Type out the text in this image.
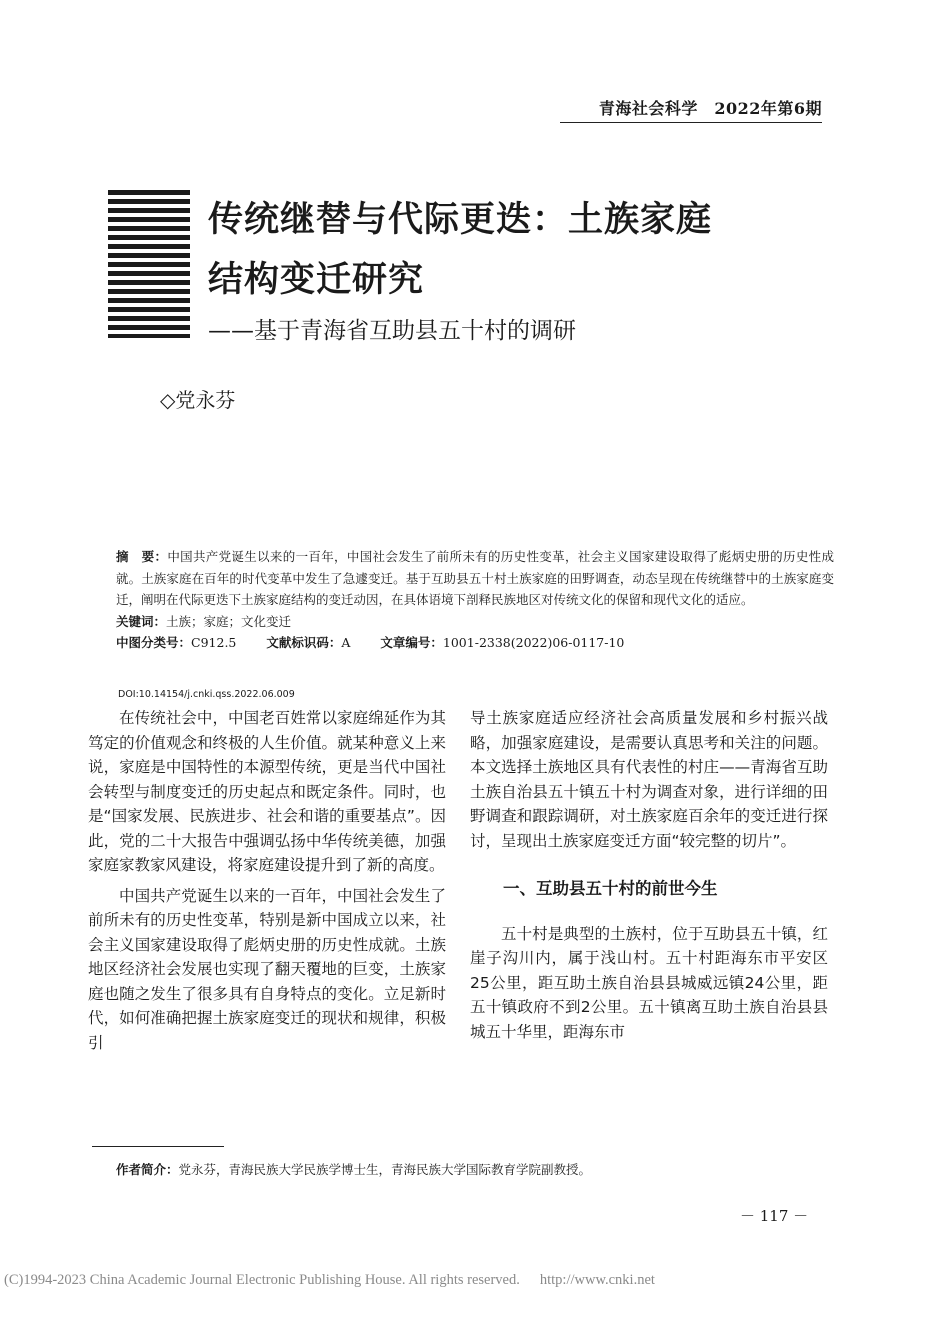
青海社会科学　2022年第6期
传统继替与代际更迭：土族家庭
结构变迁研究
——基于青海省互助县五十村的调研
◇党永芬
摘　要：中国共产党诞生以来的一百年，中国社会发生了前所未有的历史性变革，社会主义国家建设取得了彪炳史册的历史性成就。土族家庭在百年的时代变革中发生了急遽变迁。基于互助县五十村土族家庭的田野调查，动态呈现在传统继替中的土族家庭变迁，阐明在代际更迭下土族家庭结构的变迁动因，在具体语境下剖释民族地区对传统文化的保留和现代文化的适应。
关键词：土族；家庭；文化变迁
中图分类号：C912.5 文献标识码：A 文章编号：1001-2338(2022)06-0117-10
DOI:10.14154/j.cnki.qss.2022.06.009

在传统社会中，中国老百姓常以家庭绵延作为其笃定的价值观念和终极的人生价值。就某种意义上来说，家庭是中国特性的本源型传统，更是当代中国社会转型与制度变迁的历史起点和既定条件。同时，也是“国家发展、民族进步、社会和谐的重要基点”。因此，党的二十大报告中强调弘扬中华传统美德，加强家庭家教家风建设，将家庭建设提升到了新的高度。

中国共产党诞生以来的一百年，中国社会发生了前所未有的历史性变革，特别是新中国成立以来，社会主义国家建设取得了彪炳史册的历史性成就。土族地区经济社会发展也实现了翻天覆地的巨变，土族家庭也随之发生了很多具有自身特点的变化。立足新时代，如何准确把握土族家庭变迁的现状和规律，积极引

导土族家庭适应经济社会高质量发展和乡村振兴战略，加强家庭建设，是需要认真思考和关注的问题。本文选择土族地区具有代表性的村庄——青海省互助土族自治县五十镇五十村为调查对象，进行详细的田野调查和跟踪调研，对土族家庭百余年的变迁进行探讨，呈现出土族家庭变迁方面“较完整的切片”。

一、互助县五十村的前世今生

五十村是典型的土族村，位于互助县五十镇，红崖子沟川内，属于浅山村。五十村距海东市平安区25公里，距互助土族自治县县城威远镇24公里，距五十镇政府不到2公里。五十镇离互助土族自治县县城五十华里，距海东市

作者简介：党永芬，青海民族大学民族学博士生，青海民族大学国际教育学院副教授。
－ 117 －
(C)1994-2023 China Academic Journal Electronic Publishing House. All rights reserved. http://www.cnki.net
